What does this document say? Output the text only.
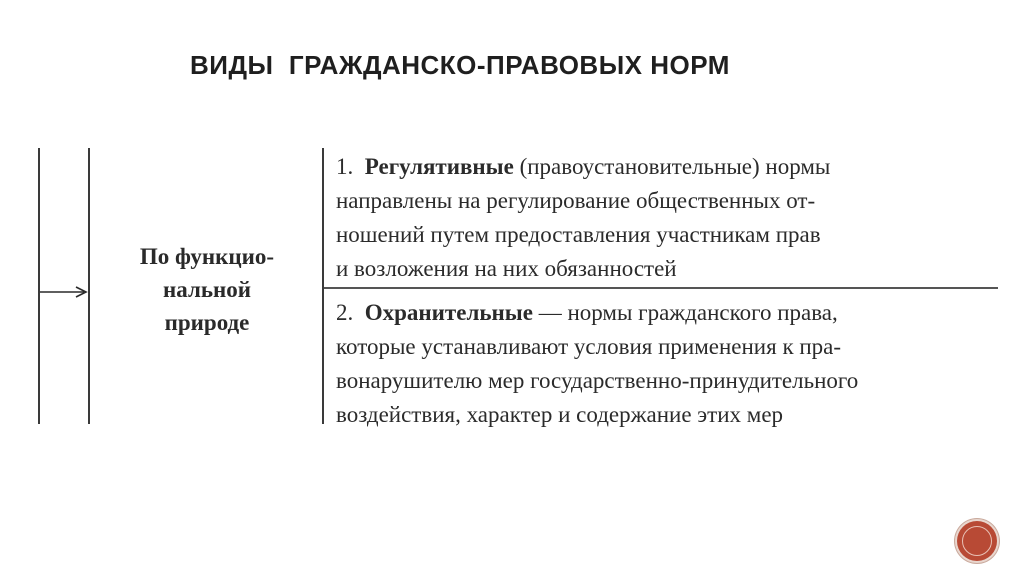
ВИДЫ  ГРАЖДАНСКО-ПРАВОВЫХ НОРМ
По функцио-
нальной
природе
1. Регулятивные (правоустановительные) нормы
направлены на регулирование общественных от-
ношений путем предоставления участникам прав
и возложения на них обязанностей
2. Охранительные — нормы гражданского права,
которые устанавливают условия применения к пра-
вонарушителю мер государственно-принудительного
воздействия, характер и содержание этих мер
